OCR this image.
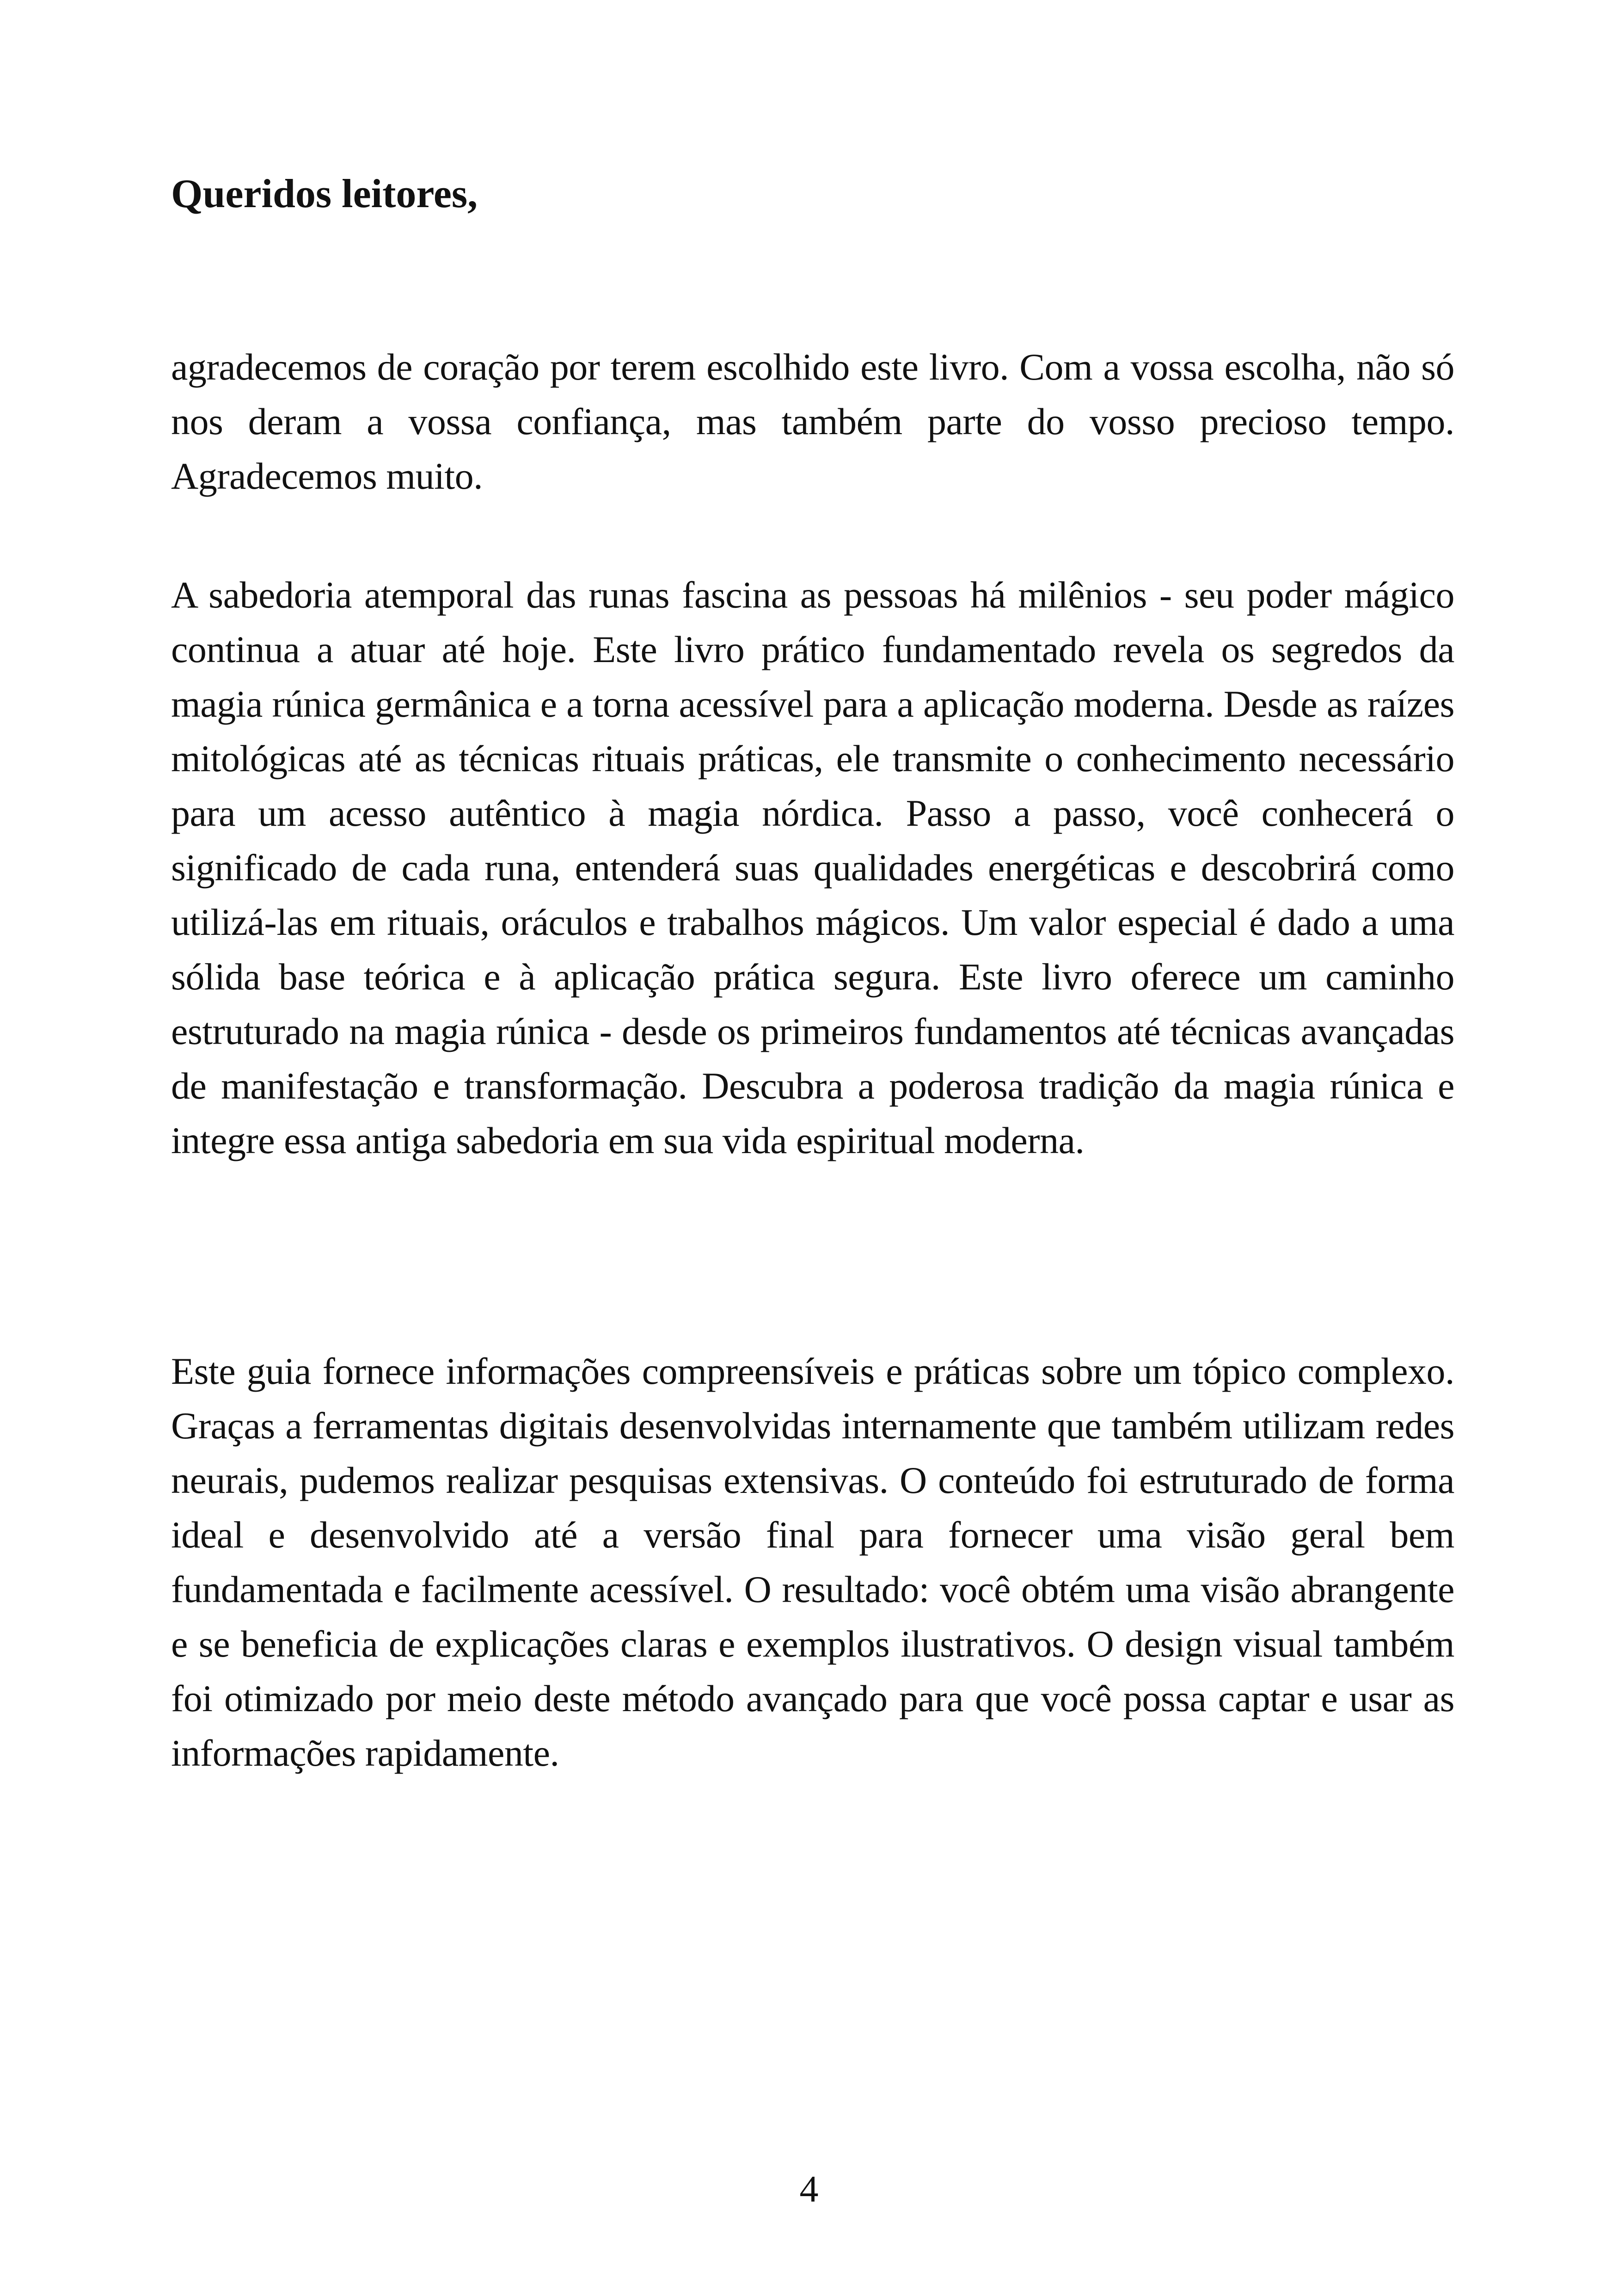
Queridos leitores,

agradecemos de coração por terem escolhido este livro. Com a vossa escolha, não só nos deram a vossa confiança, mas também parte do vosso precioso tempo. Agradecemos muito.

A sabedoria atemporal das runas fascina as pessoas há milênios - seu poder mágico continua a atuar até hoje. Este livro prático fundamentado revela os segredos da magia rúnica germânica e a torna acessível para a aplicação moderna. Desde as raízes mitológicas até as técnicas rituais práticas, ele transmite o conhecimento necessário para um acesso autêntico à magia nórdica. Passo a passo, você conhecerá o significado de cada runa, entenderá suas qualidades energéticas e descobrirá como utilizá-las em rituais, oráculos e trabalhos mágicos. Um valor especial é dado a uma sólida base teórica e à aplicação prática segura. Este livro oferece um caminho estruturado na magia rúnica - desde os primeiros fundamentos até técnicas avançadas de manifestação e transformação. Descubra a poderosa tradição da magia rúnica e integre essa antiga sabedoria em sua vida espiritual moderna.

Este guia fornece informações compreensíveis e práticas sobre um tópico complexo. Graças a ferramentas digitais desenvolvidas internamente que também utilizam redes neurais, pudemos realizar pesquisas extensivas. O conteúdo foi estruturado de forma ideal e desenvolvido até a versão final para fornecer uma visão geral bem fundamentada e facilmente acessível. O resultado: você obtém uma visão abrangente e se beneficia de explicações claras e exemplos ilustrativos. O design visual também foi otimizado por meio deste método avançado para que você possa captar e usar as informações rapidamente.

4
